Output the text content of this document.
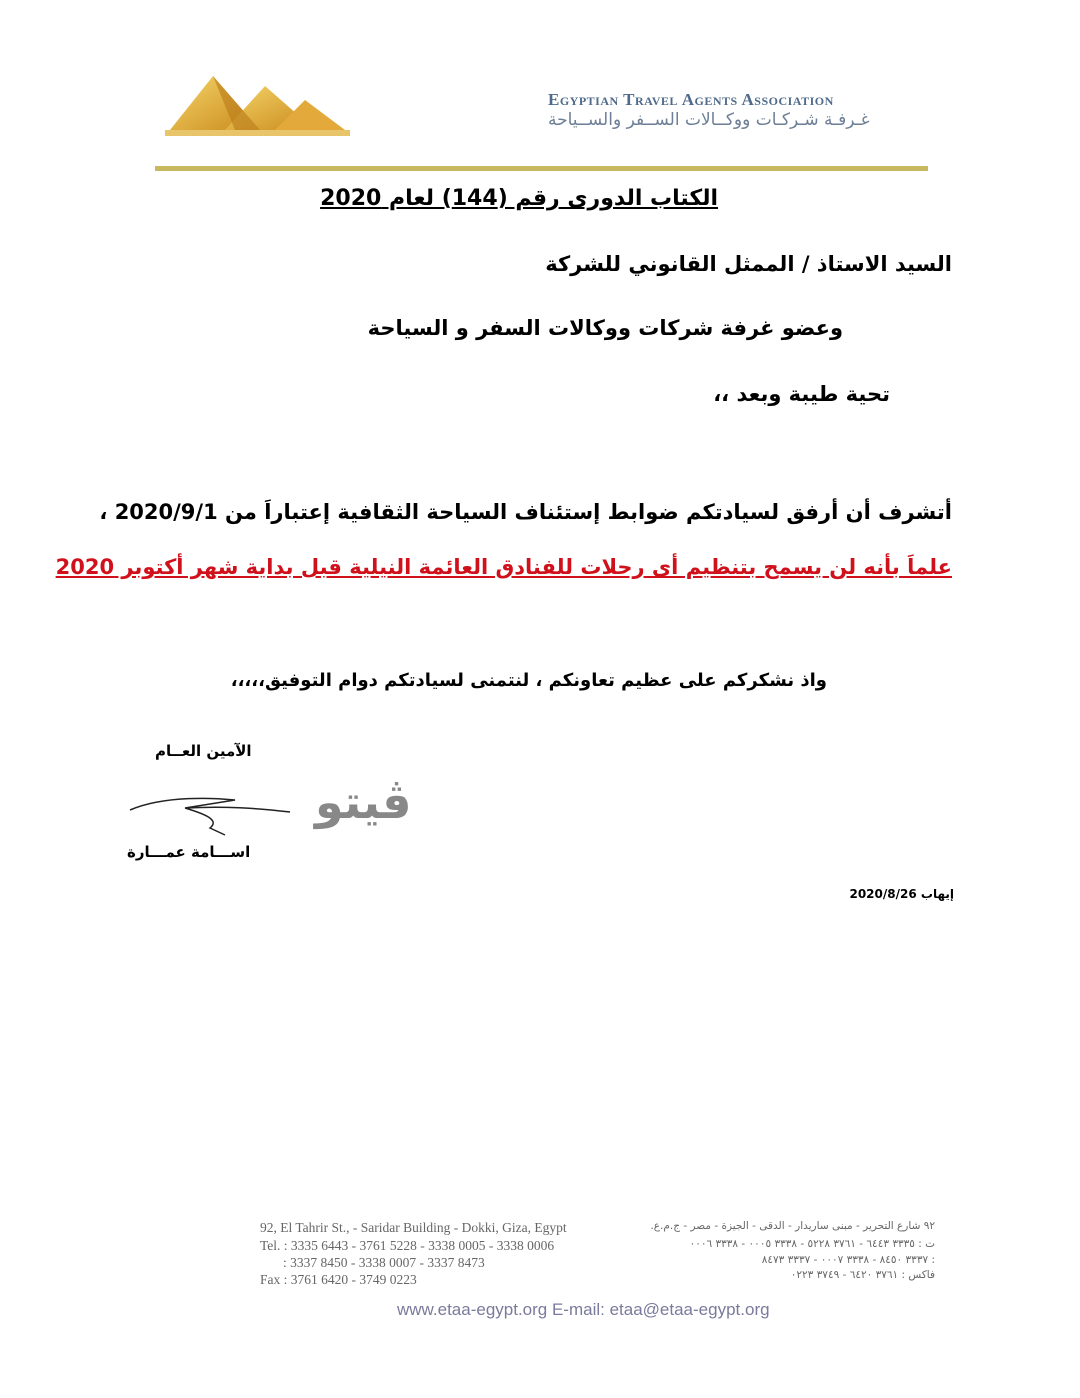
Egyptian Travel Agents Association
غـرفـة شـركـات ووكــالات الســفر والســياحة
الكتاب الدورى رقم (144) لعام 2020
السيد الاستاذ / الممثل القانوني للشركة
وعضو غرفة شركات ووكالات السفر و السياحة
تحية طيبة وبعد ،،
أتشرف أن أرفق لسيادتكم ضوابط إستئناف السياحة الثقافية إعتباراَ من 2020/9/1 ،
علماَ بأنه لن يسمح بتنظيم أى رحلات للفنادق العائمة النيلية قبل بداية شهر أكتوبر 2020
واذ نشكركم على عظيم تعاونكم ، لنتمنى لسيادتكم دوام التوفيق،،،،،
الآمين العــام
ڤيتو
اســـامة عمـــارة
إيهاب 2020/8/26
92, El Tahrir St., - Saridar Building - Dokki, Giza, Egypt
Tel. : 3335 6443 - 3761 5228 - 3338 0005 - 3338 0006
: 3337 8450 - 3338 0007 - 3337 8473
Fax : 3761 6420 - 3749 0223
٩٢ شارع التحرير - مبنى ساريدار - الدقى - الجيزة - مصر - ج.م.ع.
ت : ٣٣٣٥ ٦٤٤٣ - ٣٧٦١ ٥٢٢٨ - ٣٣٣٨ ٠٠٠٥ - ٣٣٣٨ ٠٠٠٦
: ٣٣٣٧ ٨٤٥٠ - ٣٣٣٨ ٠٠٠٧ - ٣٣٣٧ ٨٤٧٣
فاكس : ٣٧٦١ ٦٤٢٠ - ٣٧٤٩ ٠٢٢٣
www.etaa-egypt.org E-mail: etaa@etaa-egypt.org
